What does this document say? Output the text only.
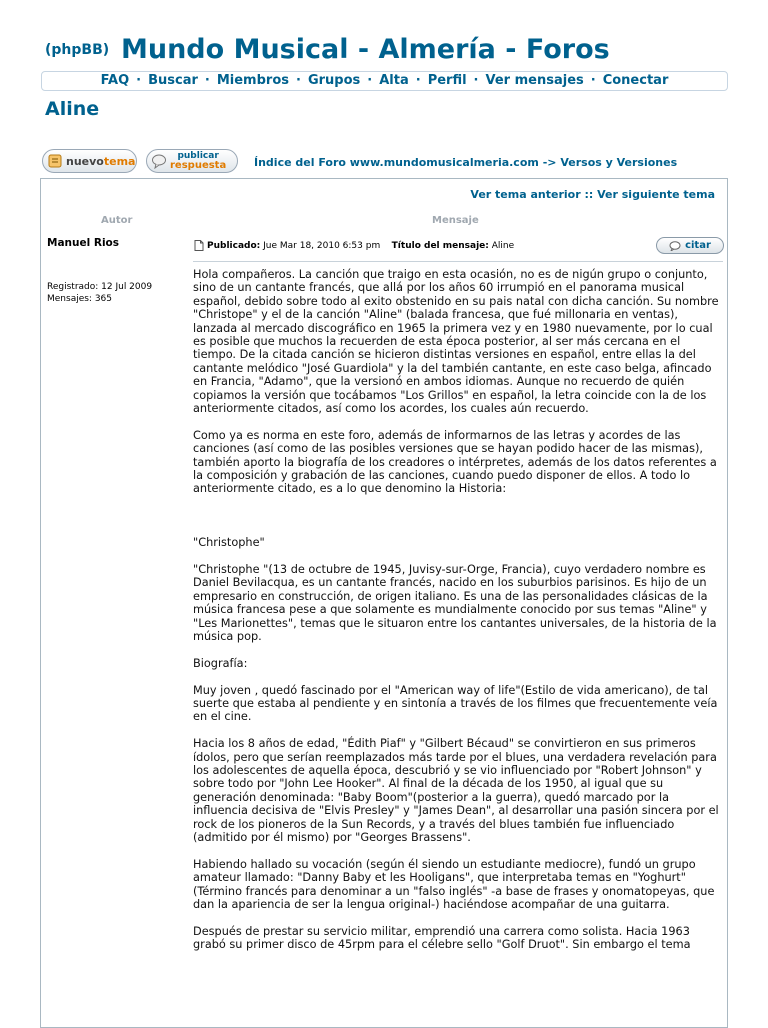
(phpBB) Mundo Musical - Almería - Foros
FAQ · Buscar · Miembros · Grupos · Alta · Perfil · Ver mensajes · Conectar
Aline
nuevotema	publicar
respuesta	Índice del Foro www.mundomusicalmeria.com -> Versos y Versiones
Ver tema anterior :: Ver siguiente tema
Autor	Mensaje
Manuel Rios
Registrado: 12 Jul 2009
Mensajes: 365
Publicado:
Jue Mar 18, 2010 6:53 pm
Título del mensaje:
Aline	citar

Hola compañeros. La canción que traigo en esta ocasión, no es de nigún grupo o conjunto, sino de un cantante francés, que allá por los años 60 irrumpió en el panorama musical español, debido sobre todo al exito obstenido en su pais natal con dicha canción. Su nombre "Christope" y el de la canción "Aline" (balada francesa, que fué millonaria en ventas), lanzada al mercado discográfico en 1965 la primera vez y en 1980 nuevamente, por lo cual es posible que muchos la recuerden de esta época posterior, al ser más cercana en el tiempo. De la citada canción se hicieron distintas versiones en español, entre ellas la del cantante melódico "José Guardiola" y la del también cantante, en este caso belga, afincado en Francia, "Adamo", que la versionó en ambos idiomas. Aunque no recuerdo de quién copiamos la versión que tocábamos "Los Grillos" en español, la letra coincide con la de los anteriormente citados, así como los acordes, los cuales aún recuerdo.

Como ya es norma en este foro, además de informarnos de las letras y acordes de las canciones (así como de las posibles versiones que se hayan podido hacer de las mismas), también aporto la biografía de los creadores o intérpretes, además de los datos referentes a la composición y grabación de las canciones, cuando puedo disponer de ellos. A todo lo anteriormente citado, es a lo que denomino la Historia:

"Christophe"

"Christophe "(13 de octubre de 1945, Juvisy-sur-Orge, Francia), cuyo verdadero nombre es Daniel Bevilacqua, es un cantante francés, nacido en los suburbios parisinos. Es hijo de un empresario en construcción, de origen italiano. Es una de las personalidades clásicas de la música francesa pese a que solamente es mundialmente conocido por sus temas "Aline" y "Les Marionettes", temas que le situaron entre los cantantes universales, de la historia de la música pop.

Biografía:

Muy joven , quedó fascinado por el "American way of life"(Estilo de vida americano), de tal suerte que estaba al pendiente y en sintonía a través de los filmes que frecuentemente veía en el cine.

Hacia los 8 años de edad, "Édith Piaf" y "Gilbert Bécaud" se convirtieron en sus primeros ídolos, pero que serían reemplazados más tarde por el blues, una verdadera revelación para los adolescentes de aquella época, descubrió y se vio influenciado por "Robert Johnson" y sobre todo por "John Lee Hooker". Al final de la década de los 1950, al igual que su generación denominada: "Baby Boom"(posterior a la guerra), quedó marcado por la influencia decisiva de "Elvis Presley" y "James Dean", al desarrollar una pasión sincera por el rock de los pioneros de la Sun Records, y a través del blues también fue influenciado (admitido por él mismo) por "Georges Brassens".

Habiendo hallado su vocación (según él siendo un estudiante mediocre), fundó un grupo amateur llamado: "Danny Baby et les Hooligans", que interpretaba temas en "Yoghurt" (Término francés para denominar a un "falso inglés" -a base de frases y onomatopeyas, que dan la apariencia de ser la lengua original-) haciéndose acompañar de una guitarra.

Después de prestar su servicio militar, emprendió una carrera como solista. Hacia 1963 grabó su primer disco de 45rpm para el célebre sello "Golf Druot". Sin embargo el tema
